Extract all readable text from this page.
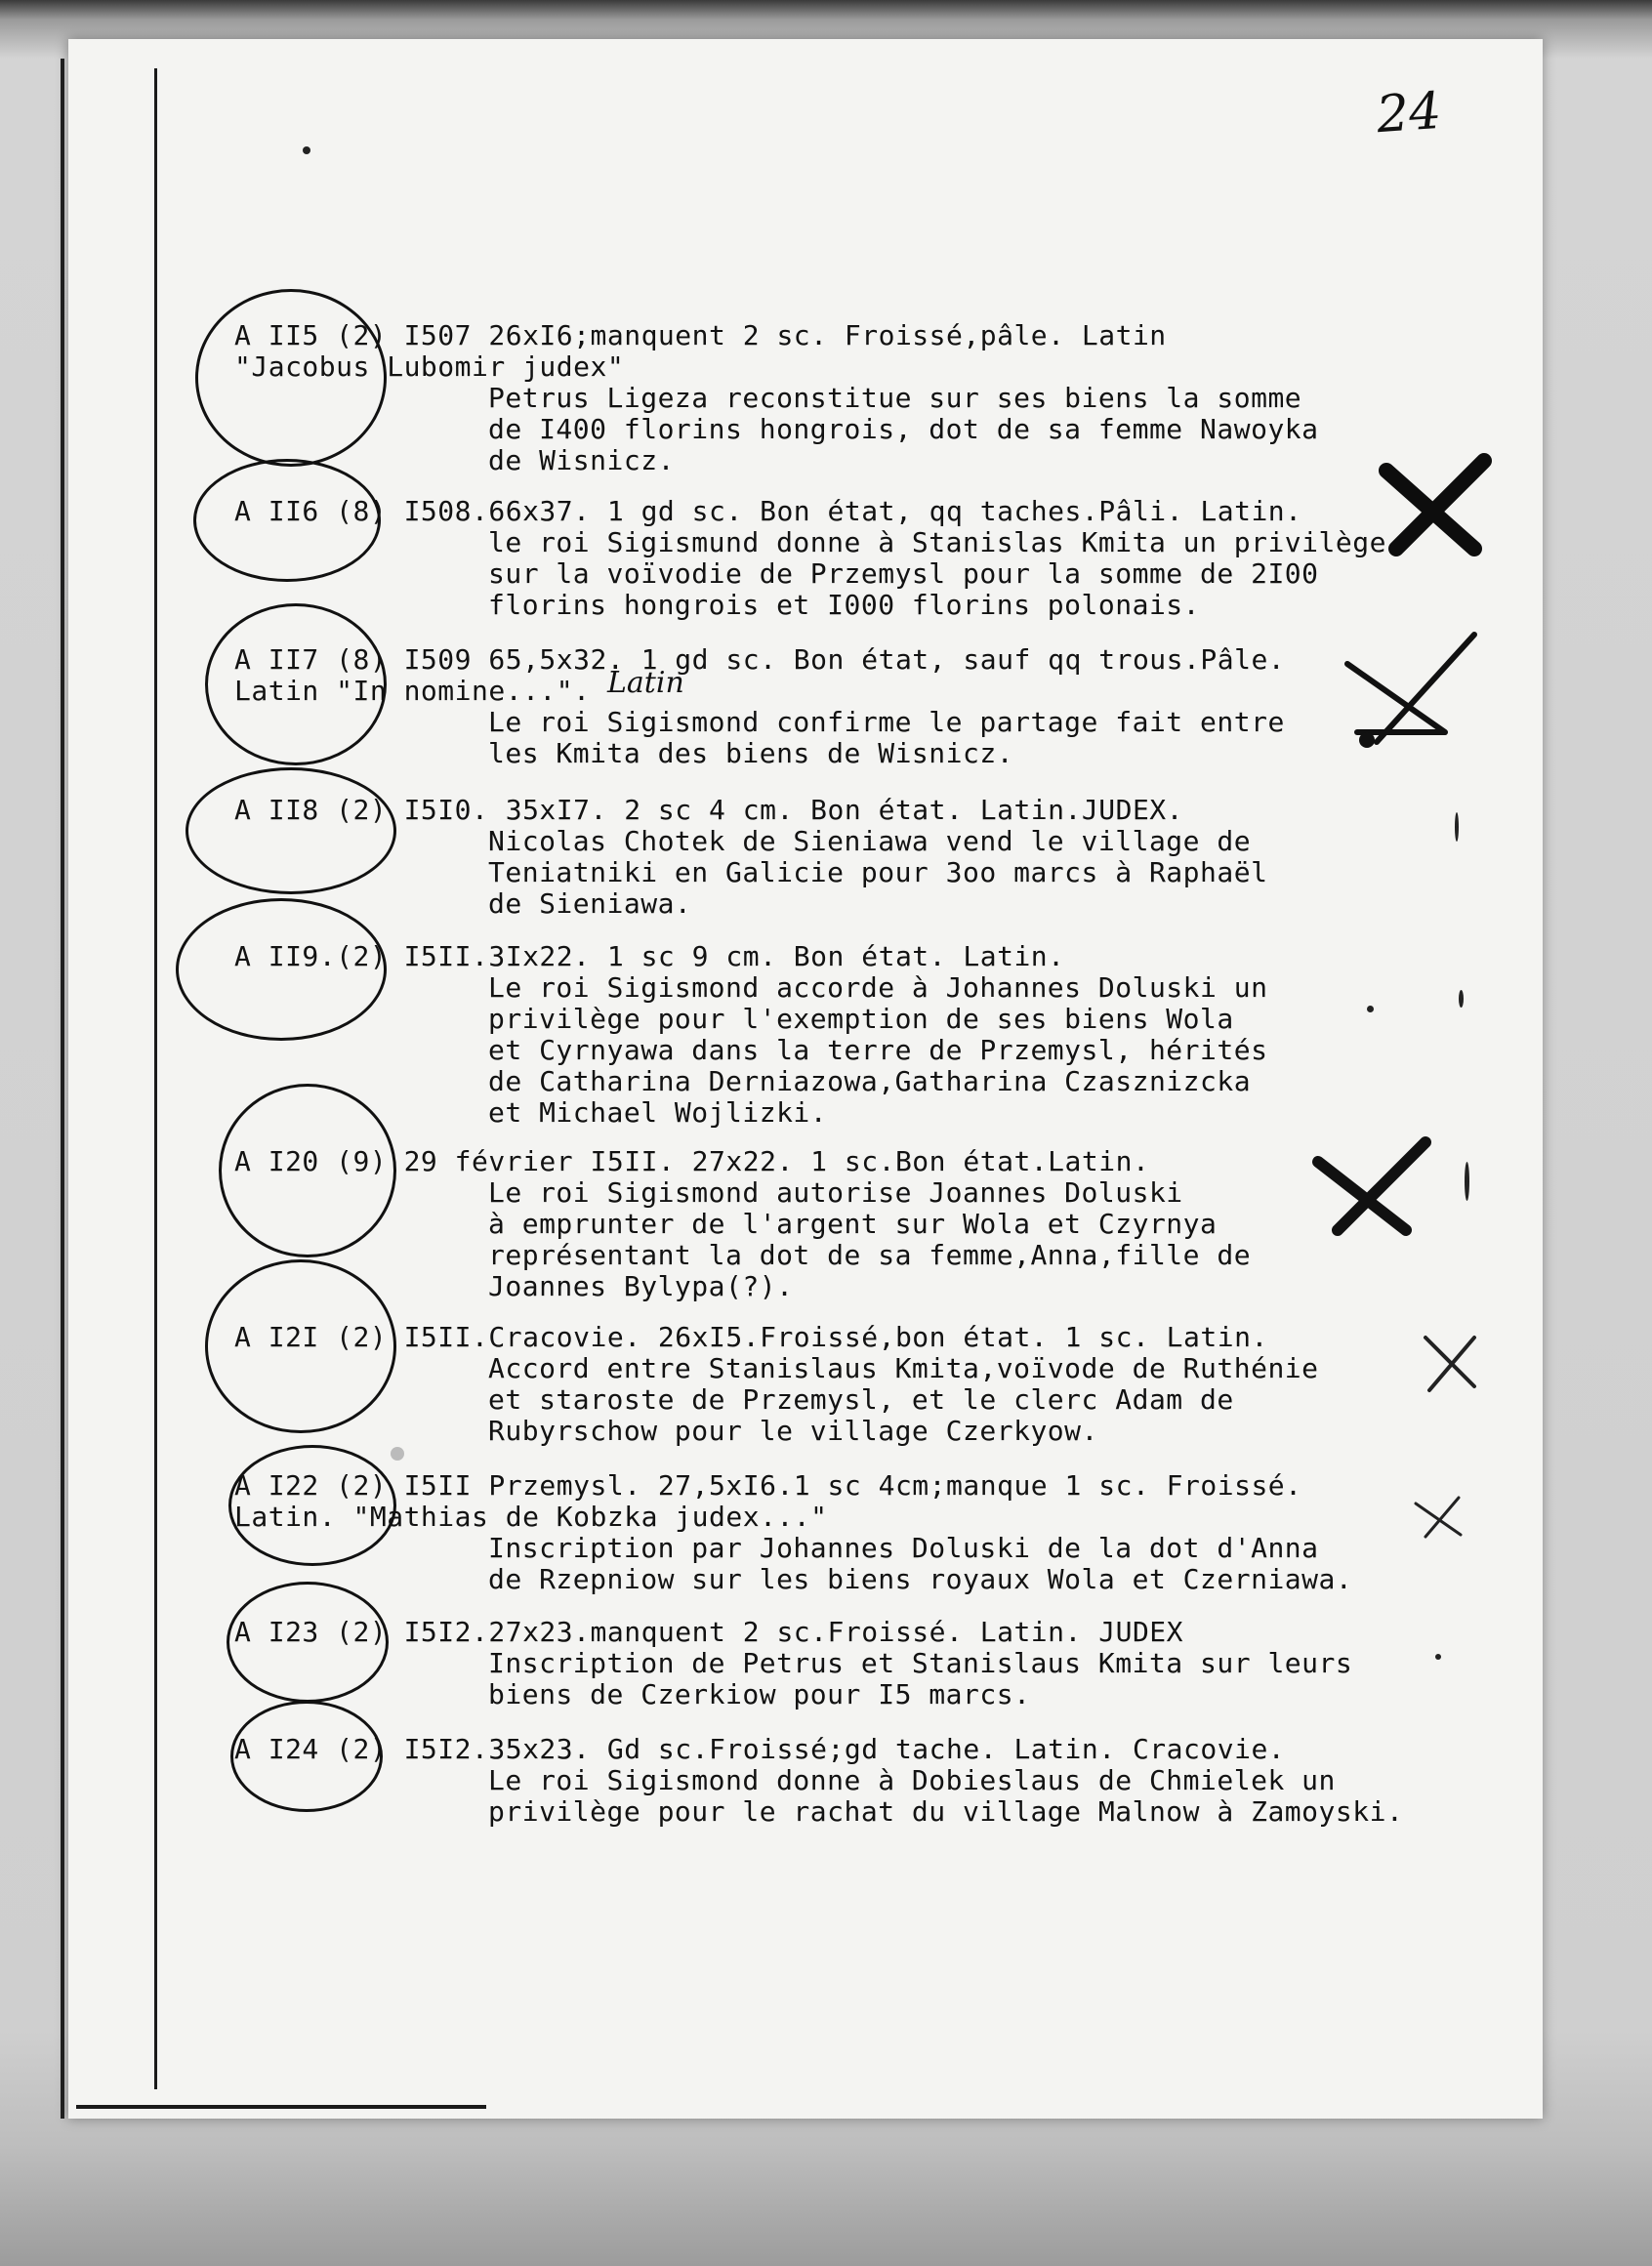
24
A II5 (2) I507 26xI6;manquent 2 sc. Froissé,pâle. Latin
"Jacobus Lubomir judex"
Petrus Ligeza reconstitue sur ses biens la somme
de I400 florins hongrois, dot de sa femme Nawoyka
de Wisnicz.
A II6 (8) I508.66x37. 1 gd sc. Bon état, qq taches.Pâli. Latin.
le roi Sigismund donne à Stanislas Kmita un privilège
sur la voïvodie de Przemysl pour la somme de 2I00
florins hongrois et I000 florins polonais.
A II7 (8) I509 65,5x32. 1 gd sc. Bon état, sauf qq trous.Pâle.
Latin "In nomine...".
Le roi Sigismond confirme le partage fait entre
les Kmita des biens de Wisnicz.
Latin
A II8 (2) I5I0. 35xI7. 2 sc 4 cm. Bon état. Latin.JUDEX.
Nicolas Chotek de Sieniawa vend le village de
Teniatniki en Galicie pour 3oo marcs à Raphaël
de Sieniawa.
A II9.(2) I5II.3Ix22. 1 sc 9 cm. Bon état. Latin.
Le roi Sigismond accorde à Johannes Doluski un
privilège pour l'exemption de ses biens Wola
et Cyrnyawa dans la terre de Przemysl, hérités
de Catharina Derniazowa,Gatharina Czasznizcka
et Michael Wojlizki.
A I20 (9) 29 février I5II. 27x22. 1 sc.Bon état.Latin.
Le roi Sigismond autorise Joannes Doluski
à emprunter de l'argent sur Wola et Czyrnya
représentant la dot de sa femme,Anna,fille de
Joannes Bylypa(?).
A I2I (2) I5II.Cracovie. 26xI5.Froissé,bon état. 1 sc. Latin.
Accord entre Stanislaus Kmita,voïvode de Ruthénie
et staroste de Przemysl, et le clerc Adam de
Rubyrschow pour le village Czerkyow.
A I22 (2) I5II Przemysl. 27,5xI6.1 sc 4cm;manque 1 sc. Froissé.
Latin. "Mathias de Kobzka judex..."
Inscription par Johannes Doluski de la dot d'Anna
de Rzepniow sur les biens royaux Wola et Czerniawa.
A I23 (2) I5I2.27x23.manquent 2 sc.Froissé. Latin. JUDEX
Inscription de Petrus et Stanislaus Kmita sur leurs
biens de Czerkiow pour I5 marcs.
A I24 (2) I5I2.35x23. Gd sc.Froissé;gd tache. Latin. Cracovie.
Le roi Sigismond donne à Dobieslaus de Chmielek un
privilège pour le rachat du village Malnow à Zamoyski.
